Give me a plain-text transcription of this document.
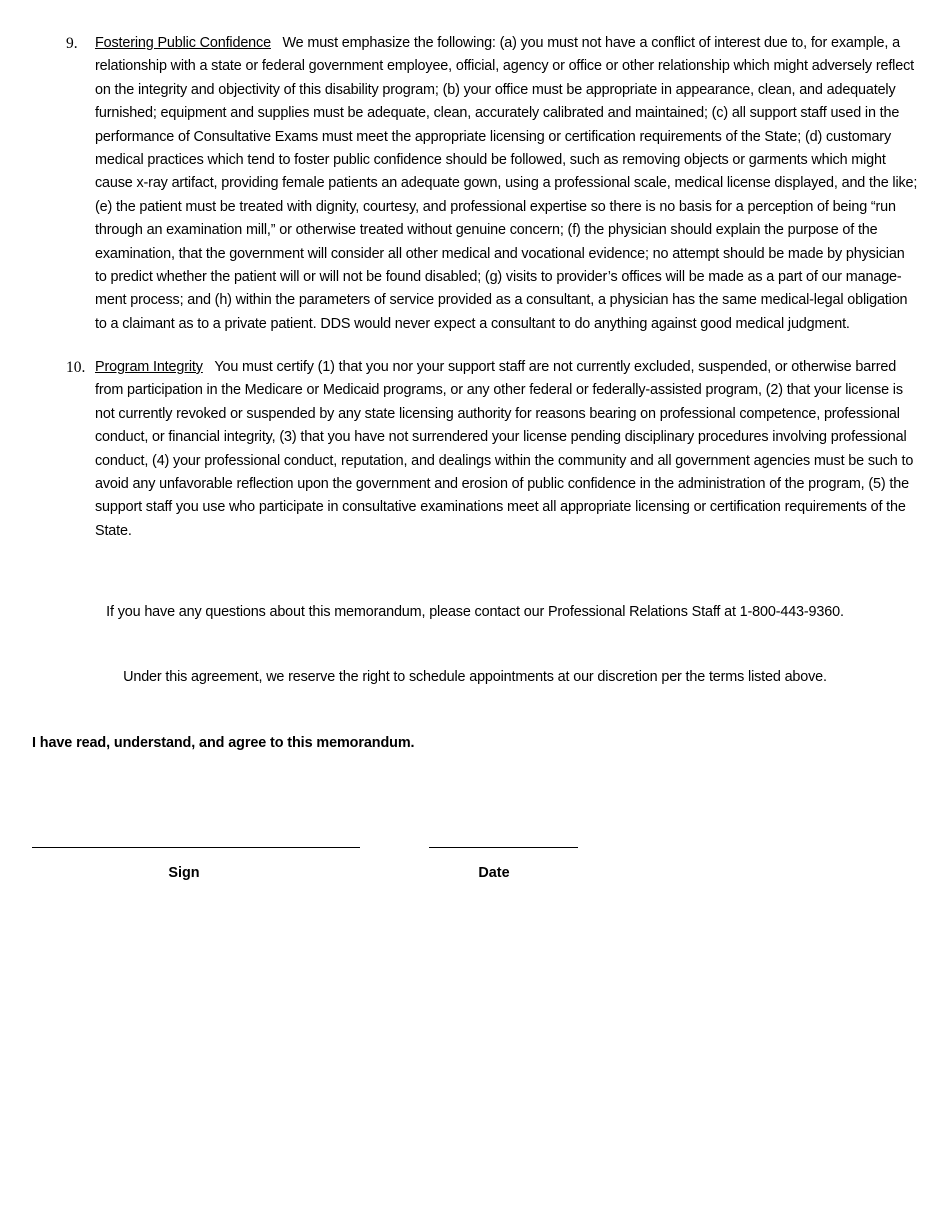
9.	Fostering Public Confidence We must emphasize the following: (a) you must not have a conflict of interest due to, for example, a relationship with a state or federal government employee, official, agency or office or other relationship which might adversely reflect on the integrity and objectivity of this disability program; (b) your office must be appropriate in appearance, clean, and adequately furnished; equipment and supplies must be adequate, clean, accurately calibrated and maintained; (c) all support staff used in the performance of Consultative Exams must meet the appropriate licensing or certification requirements of the State; (d) customary medical practices which tend to foster public confidence should be followed, such as removing objects or garments which might cause x-ray artifact, providing female patients an adequate gown, using a professional scale, medical license displayed, and the like; (e) the patient must be treated with dignity, courtesy, and professional expertise so there is no basis for a perception of being “run through an examination mill,” or otherwise treated without genuine concern; (f) the physician should explain the purpose of the examination, that the government will consider all other medical and vocational evidence; no attempt should be made by physician to predict whether the patient will or will not be found disabled; (g) visits to provider’s offices will be made as a part of our manage-ment process; and (h) within the parameters of service provided as a consultant, a physician has the same medical-legal obligation to a claimant as to a private patient. DDS would never expect a consultant to do anything against good medical judgment.
10. Program Integrity You must certify (1) that you nor your support staff are not currently excluded, suspended, or otherwise barred from participation in the Medicare or Medicaid programs, or any other federal or federally-assisted program, (2) that your license is not currently revoked or suspended by any state licensing authority for reasons bearing on professional competence, professional conduct, or financial integrity, (3) that you have not surrendered your license pending disciplinary procedures involving professional conduct, (4) your professional conduct, reputation, and dealings within the community and all government agencies must be such to avoid any unfavorable reflection upon the government and erosion of public confidence in the administration of the program, (5) the support staff you use who participate in consultative examinations meet all appropriate licensing or certification requirements of the State.
If you have any questions about this memorandum, please contact our Professional Relations Staff at 1-800-443-9360.
Under this agreement, we reserve the right to schedule appointments at our discretion per the terms listed above.
I have read, understand, and agree to this memorandum.
Sign	Date
